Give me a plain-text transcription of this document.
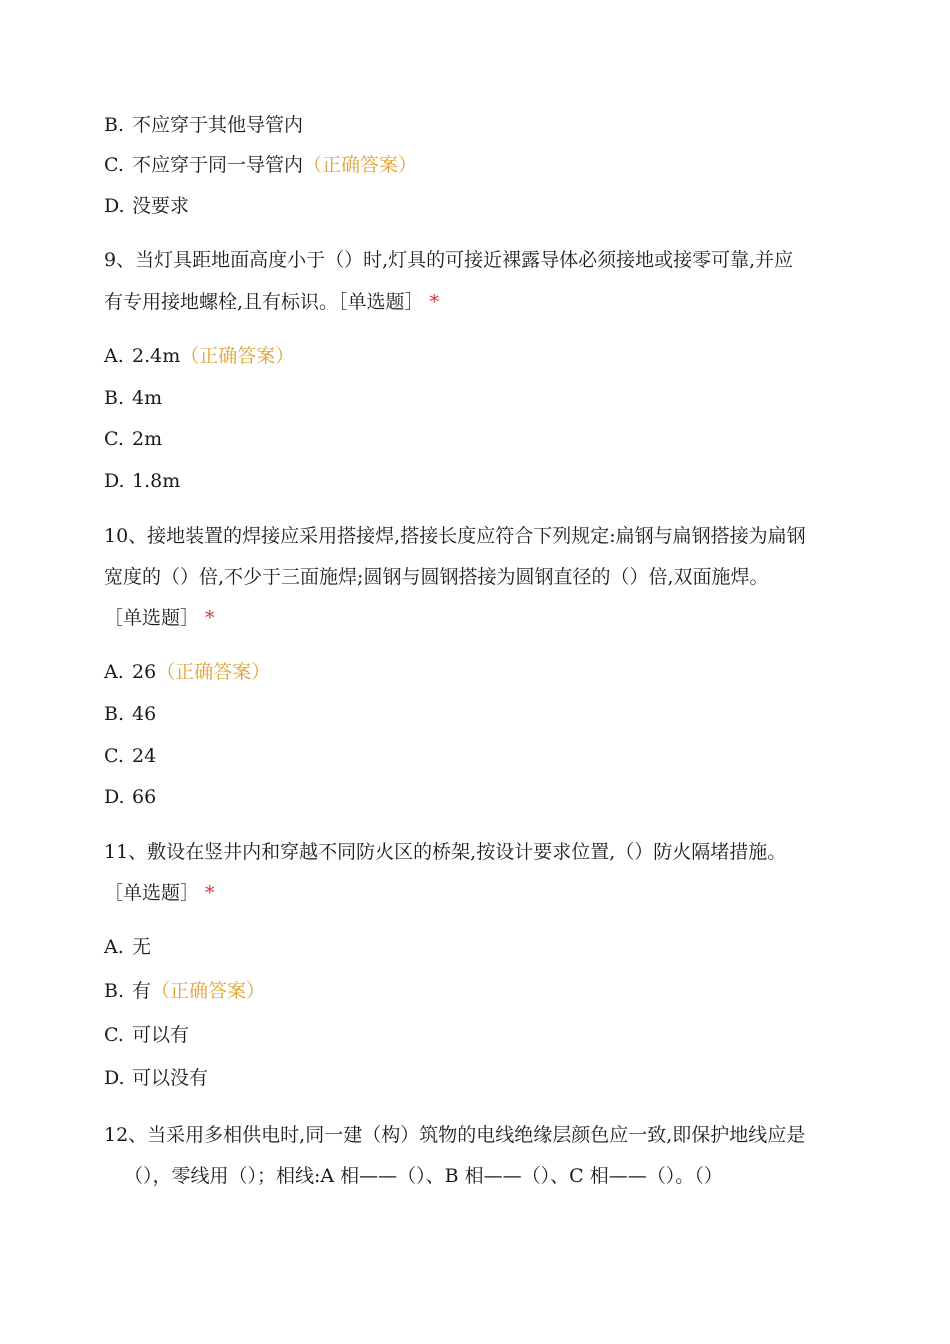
B. 不应穿于其他导管内
C. 不应穿于同一导管内（正确答案）
D. 没要求
9、当灯具距地面高度小于（）时,灯具的可接近裸露导体必须接地或接零可靠,并应
有专用接地螺栓,且有标识。［单选题］ *
A. 2.4m（正确答案）
B. 4m
C. 2m
D. 1.8m
10、接地装置的焊接应采用搭接焊,搭接长度应符合下列规定:扁钢与扁钢搭接为扁钢
宽度的（）倍,不少于三面施焊;圆钢与圆钢搭接为圆钢直径的（）倍,双面施焊。
［单选题］ *
A. 26（正确答案）
B. 46
C. 24
D. 66
11、敷设在竖井内和穿越不同防火区的桥架,按设计要求位置,（）防火隔堵措施。
［单选题］ *
A. 无
B. 有（正确答案）
C. 可以有
D. 可以没有
12、当采用多相供电时,同一建（构）筑物的电线绝缘层颜色应一致,即保护地线应是
（），零线用（）；相线:A 相——（）、B 相——（）、C 相——（）。（）
